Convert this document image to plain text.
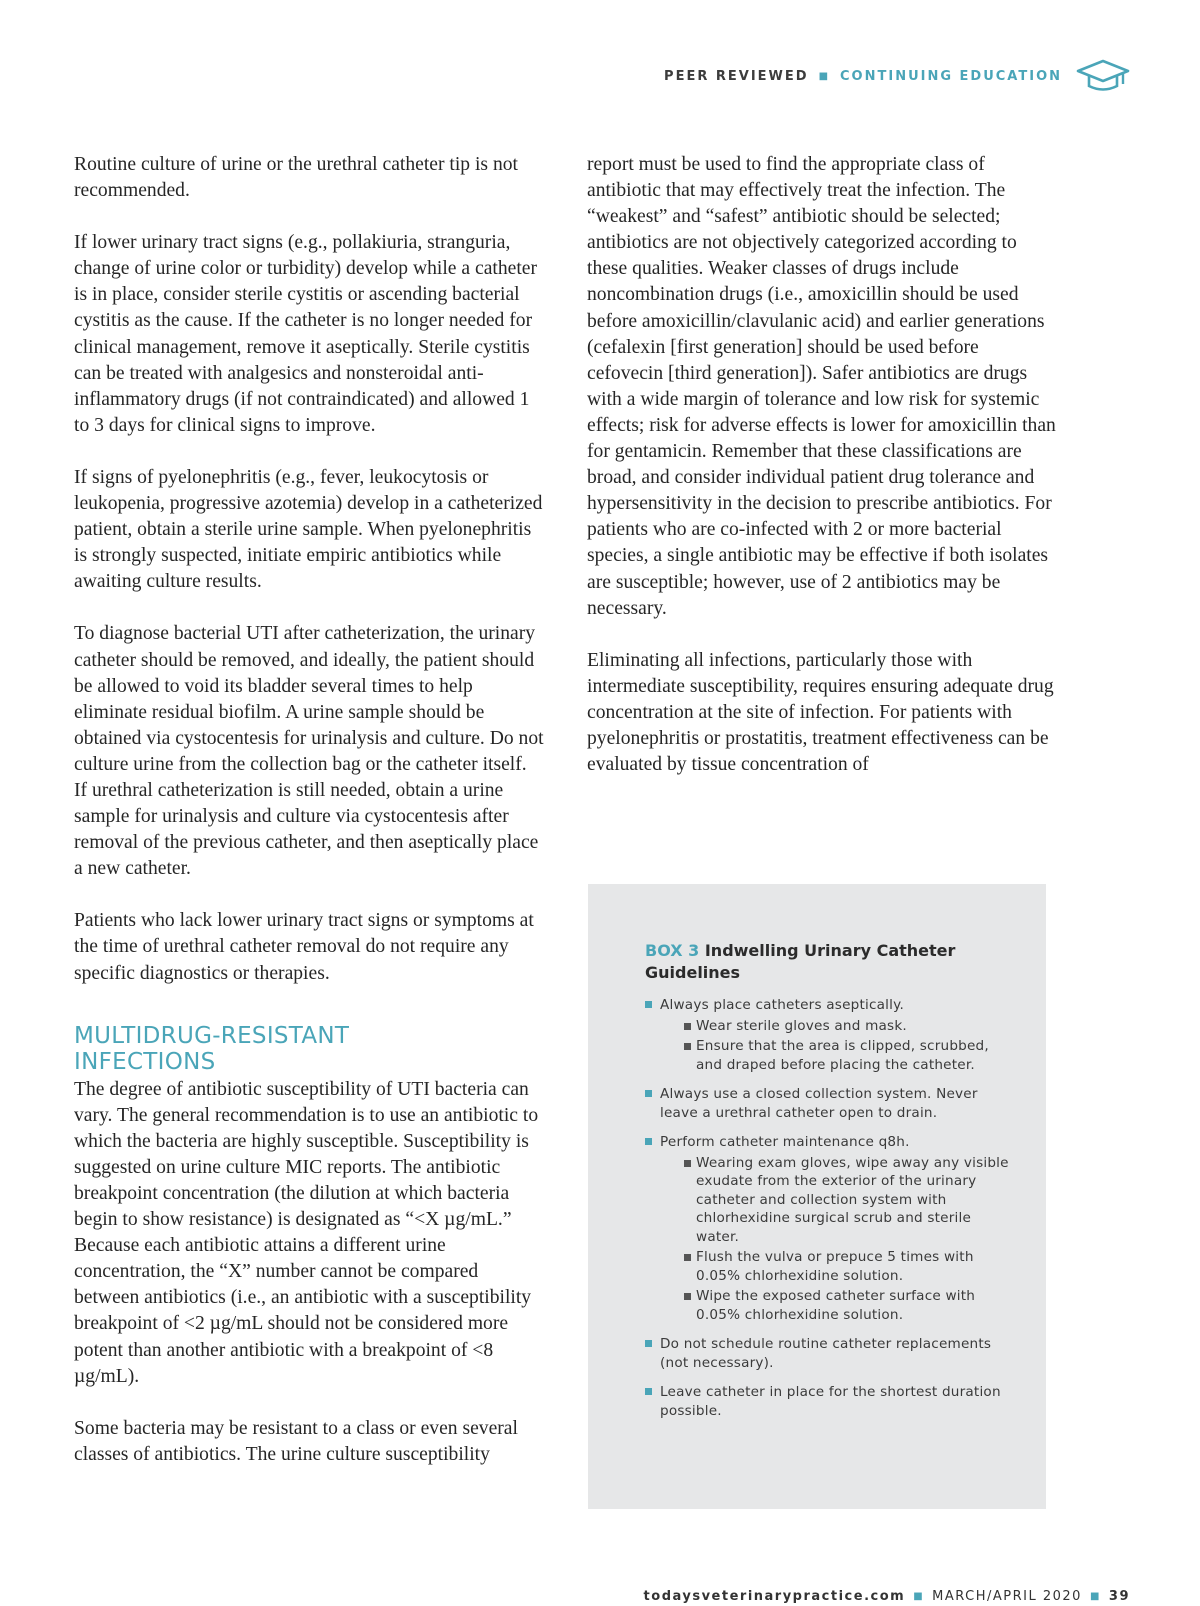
PEER REVIEWED ■ CONTINUING EDUCATION

Routine culture of urine or the urethral catheter tip is not recommended.

If lower urinary tract signs (e.g., pollakiuria, stranguria, change of urine color or turbidity) develop while a catheter is in place, consider sterile cystitis or ascending bacterial cystitis as the cause. If the catheter is no longer needed for clinical management, remove it aseptically. Sterile cystitis can be treated with analgesics and nonsteroidal anti-inflammatory drugs (if not contraindicated) and allowed 1 to 3 days for clinical signs to improve.

If signs of pyelonephritis (e.g., fever, leukocytosis or leukopenia, progressive azotemia) develop in a catheterized patient, obtain a sterile urine sample. When pyelonephritis is strongly suspected, initiate empiric antibiotics while awaiting culture results.

To diagnose bacterial UTI after catheterization, the urinary catheter should be removed, and ideally, the patient should be allowed to void its bladder several times to help eliminate residual biofilm. A urine sample should be obtained via cystocentesis for urinalysis and culture. Do not culture urine from the collection bag or the catheter itself. If urethral catheterization is still needed, obtain a urine sample for urinalysis and culture via cystocentesis after removal of the previous catheter, and then aseptically place a new catheter.

Patients who lack lower urinary tract signs or symptoms at the time of urethral catheter removal do not require any specific diagnostics or therapies.

MULTIDRUG-RESISTANT
INFECTIONS

The degree of antibiotic susceptibility of UTI bacteria can vary. The general recommendation is to use an antibiotic to which the bacteria are highly susceptible. Susceptibility is suggested on urine culture MIC reports. The antibiotic breakpoint concentration (the dilution at which bacteria begin to show resistance) is designated as “<X µg/mL.” Because each antibiotic attains a different urine concentration, the “X” number cannot be compared between antibiotics (i.e., an antibiotic with a susceptibility breakpoint of <2 µg/mL should not be considered more potent than another antibiotic with a breakpoint of <8 µg/mL).

Some bacteria may be resistant to a class or even several classes of antibiotics. The urine culture susceptibility

report must be used to find the appropriate class of antibiotic that may effectively treat the infection. The “weakest” and “safest” antibiotic should be selected; antibiotics are not objectively categorized according to these qualities. Weaker classes of drugs include noncombination drugs (i.e., amoxicillin should be used before amoxicillin/clavulanic acid) and earlier generations (cefalexin [first generation] should be used before cefovecin [third generation]). Safer antibiotics are drugs with a wide margin of tolerance and low risk for systemic effects; risk for adverse effects is lower for amoxicillin than for gentamicin. Remember that these classifications are broad, and consider individual patient drug tolerance and hypersensitivity in the decision to prescribe antibiotics. For patients who are co-infected with 2 or more bacterial species, a single antibiotic may be effective if both isolates are susceptible; however, use of 2 antibiotics may be necessary.

Eliminating all infections, particularly those with intermediate susceptibility, requires ensuring adequate drug concentration at the site of infection. For patients with pyelonephritis or prostatitis, treatment effectiveness can be evaluated by tissue concentration of

BOX 3 Indwelling Urinary Catheter Guidelines
Always place catheters aseptically.
Wear sterile gloves and mask.
Ensure that the area is clipped, scrubbed, and draped before placing the catheter.
Always use a closed collection system. Never leave a urethral catheter open to drain.
Perform catheter maintenance q8h.
Wearing exam gloves, wipe away any visible exudate from the exterior of the urinary catheter and collection system with chlorhexidine surgical scrub and sterile water.
Flush the vulva or prepuce 5 times with 0.05% chlorhexidine solution.
Wipe the exposed catheter surface with 0.05% chlorhexidine solution.
Do not schedule routine catheter replacements (not necessary).
Leave catheter in place for the shortest duration possible.
todaysveterinarypractice.com ■ MARCH/APRIL 2020 ■ 39
